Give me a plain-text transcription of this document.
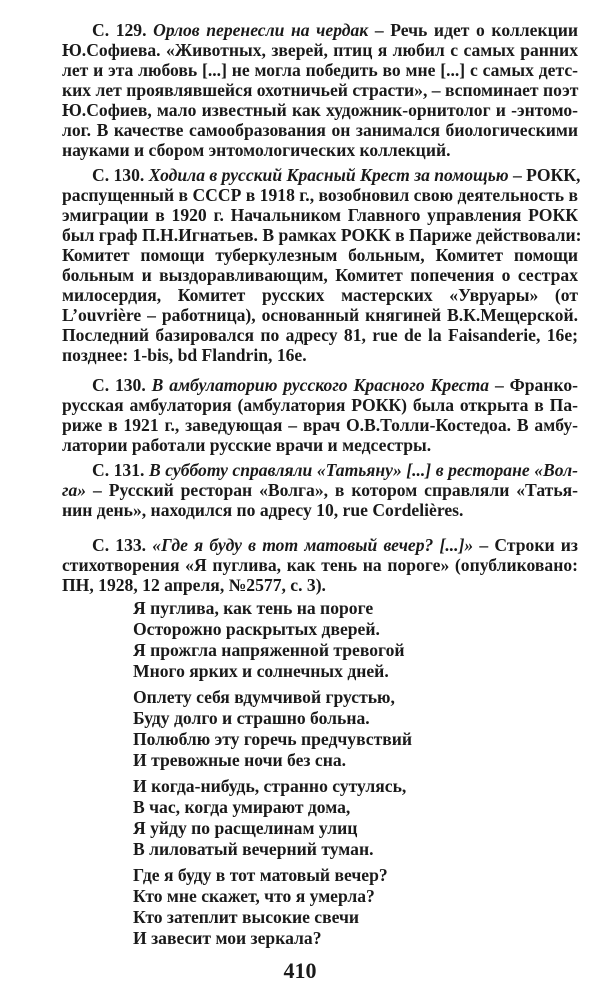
С. 129. Орлов перенесли на чердак – Речь идет о коллекции
Ю.Софиева. «Животных, зверей, птиц я любил с самых ранних
лет и эта любовь [...] не могла победить во мне [...] с самых детс-
ких лет проявлявшейся охотничьей страсти», – вспоминает поэт
Ю.Софиев, мало известный как художник-орнитолог и -энтомо-
лог. В качестве самообразования он занимался биологическими
науками и сбором энтомологических коллекций.
С. 130. Ходила в русский Красный Крест за помощью – РОКК,
распущенный в СССР в 1918 г., возобновил свою деятельность в
эмиграции в 1920 г. Начальником Главного управления РОКК
был граф П.Н.Игнатьев. В рамках РОКК в Париже действовали:
Комитет помощи туберкулезным больным, Комитет помощи
больным и выздоравливающим, Комитет попечения о сестрах
милосердия, Комитет русских мастерских «Увруары» (от
L’ouvrière – работница), основанный княгиней В.К.Мещерской.
Последний базировался по адресу 81, rue de la Faisanderie, 16e;
позднее: 1-bis, bd Flandrin, 16e.
С. 130. В амбулаторию русского Красного Креста – Франко-
русская амбулатория (амбулатория РОКК) была открыта в Па-
риже в 1921 г., заведующая – врач О.В.Толли-Костедоа. В амбу-
латории работали русские врачи и медсестры.
С. 131. В субботу справляли «Татьяну» [...] в ресторане «Вол-
га» – Русский ресторан «Волга», в котором справляли «Татья-
нин день», находился по адресу 10, rue Cordelières.
С. 133. «Где я буду в тот матовый вечер? [...]» – Строки из
стихотворения «Я пуглива, как тень на пороге» (опубликовано:
ПН, 1928, 12 апреля, №2577, с. 3).
Я пуглива, как тень на пороге
Осторожно раскрытых дверей.
Я прожгла напряженной тревогой
Много ярких и солнечных дней.
Оплету себя вдумчивой грустью,
Буду долго и страшно больна.
Полюблю эту горечь предчувствий
И тревожные ночи без сна.
И когда-нибудь, странно сутулясь,
В час, когда умирают дома,
Я уйду по расщелинам улиц
В лиловатый вечерний туман.
Где я буду в тот матовый вечер?
Кто мне скажет, что я умерла?
Кто затеплит высокие свечи
И завесит мои зеркала?
410
